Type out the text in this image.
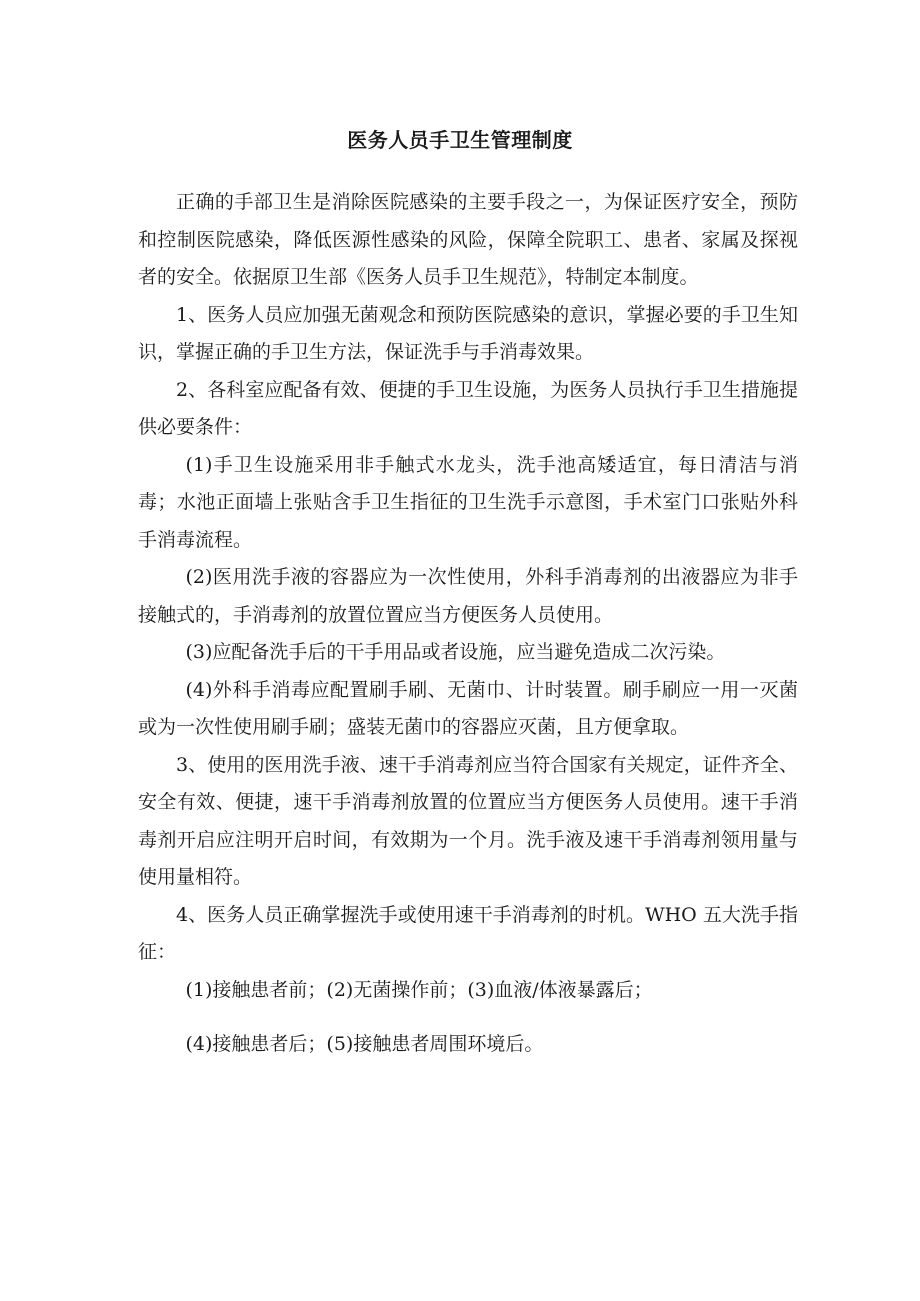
医务人员手卫生管理制度

正确的手部卫生是消除医院感染的主要手段之一，为保证医疗安全，预防和控制医院感染，降低医源性感染的风险，保障全院职工、患者、家属及探视者的安全。依据原卫生部《医务人员手卫生规范》，特制定本制度。

1、医务人员应加强无菌观念和预防医院感染的意识，掌握必要的手卫生知识，掌握正确的手卫生方法，保证洗手与手消毒效果。

2、各科室应配备有效、便捷的手卫生设施，为医务人员执行手卫生措施提供必要条件：

(1)手卫生设施采用非手触式水龙头，洗手池高矮适宜，每日清洁与消毒；水池正面墙上张贴含手卫生指征的卫生洗手示意图，手术室门口张贴外科手消毒流程。

(2)医用洗手液的容器应为一次性使用，外科手消毒剂的出液器应为非手接触式的，手消毒剂的放置位置应当方便医务人员使用。

(3)应配备洗手后的干手用品或者设施，应当避免造成二次污染。

(4)外科手消毒应配置刷手刷、无菌巾、计时装置。刷手刷应一用一灭菌或为一次性使用刷手刷；盛装无菌巾的容器应灭菌，且方便拿取。

3、使用的医用洗手液、速干手消毒剂应当符合国家有关规定，证件齐全、安全有效、便捷，速干手消毒剂放置的位置应当方便医务人员使用。速干手消毒剂开启应注明开启时间，有效期为一个月。洗手液及速干手消毒剂领用量与使用量相符。

4、医务人员正确掌握洗手或使用速干手消毒剂的时机。WHO 五大洗手指征：

(1)接触患者前；(2)无菌操作前；(3)血液/体液暴露后；

(4)接触患者后；(5)接触患者周围环境后。
